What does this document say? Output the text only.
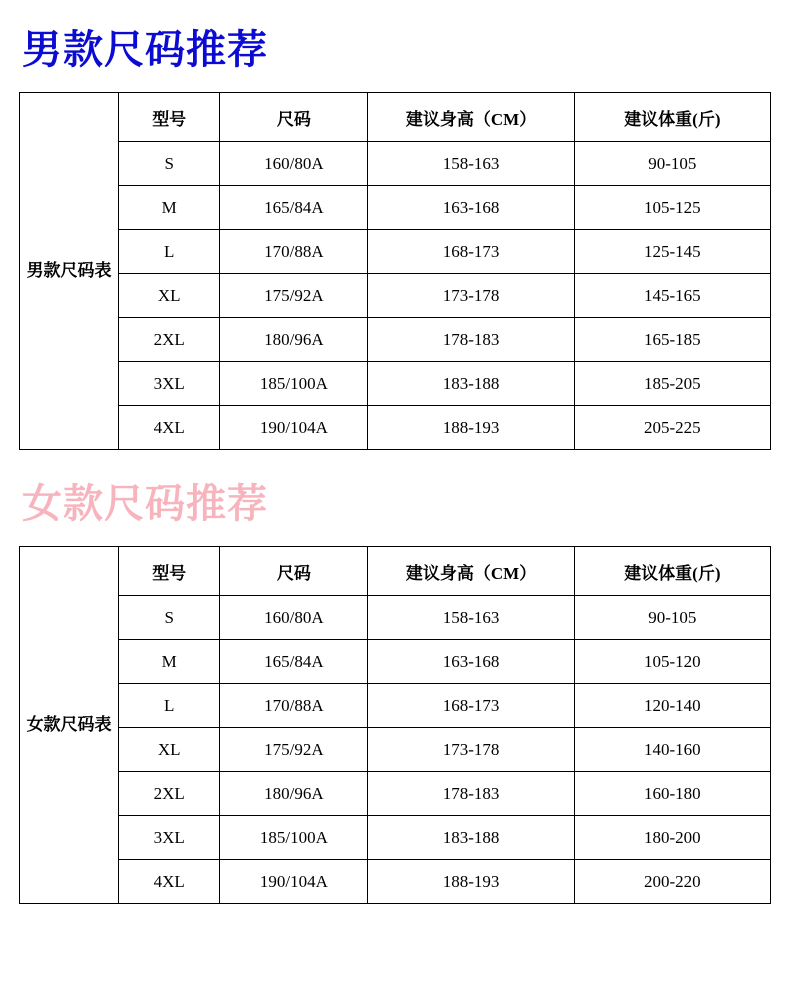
男款尺码推荐
男款尺码表	型号	尺码	建议身高（CM）	建议体重(斤)
	S	160/80A	158-163	90-105
	M	165/84A	163-168	105-125
	L	170/88A	168-173	125-145
	XL	175/92A	173-178	145-165
	2XL	180/96A	178-183	165-185
	3XL	185/100A	183-188	185-205
	4XL	190/104A	188-193	205-225
女款尺码推荐
女款尺码表	型号	尺码	建议身高（CM）	建议体重(斤)
	S	160/80A	158-163	90-105
	M	165/84A	163-168	105-120
	L	170/88A	168-173	120-140
	XL	175/92A	173-178	140-160
	2XL	180/96A	178-183	160-180
	3XL	185/100A	183-188	180-200
	4XL	190/104A	188-193	200-220
